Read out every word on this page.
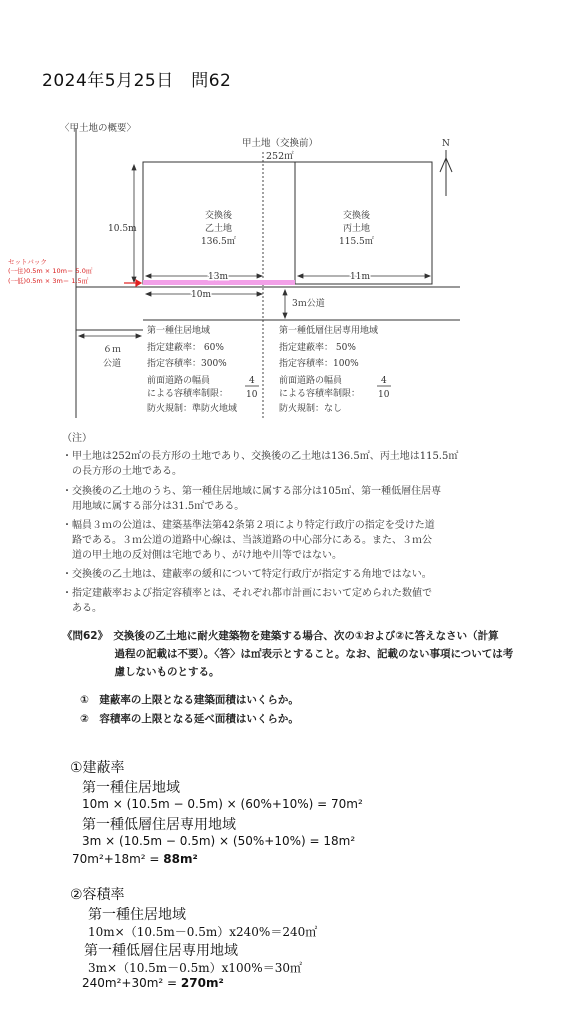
2024年5月25日　問62
〈甲土地の概要〉
甲土地（交換前）
252㎡
N
交換後
乙土地
136.5㎡
交換後
丙土地
115.5㎡
10.5m
13m	11m
10m
3ｍ公道
６ｍ
公道
セットバック
(一住)0.5m × 10m＝ 5.0㎡
(一低)0.5m × 3m＝ 1.5㎡
第一種住居地域
指定建蔽率： 60%
指定容積率：300%
前面道路の幅員
による容積率制限：
4
10
防火規制：準防火地域
第一種低層住居専用地域
指定建蔽率： 50%
指定容積率：100%
前面道路の幅員
による容積率制限：
4
10
防火規制：なし
（注）
・甲土地は252㎡の長方形の土地であり、交換後の乙土地は136.5㎡、丙土地は115.5㎡
　の長方形の土地である。
・交換後の乙土地のうち、第一種住居地域に属する部分は105㎡、第一種低層住居専
　用地域に属する部分は31.5㎡である。
・幅員３ｍの公道は、建築基準法第42条第２項により特定行政庁の指定を受けた道
　路である。３ｍ公道の道路中心線は、当該道路の中心部分にある。また、３ｍ公
　道の甲土地の反対側は宅地であり、がけ地や川等ではない。
・交換後の乙土地は、建蔽率の緩和について特定行政庁が指定する角地ではない。
・指定建蔽率および指定容積率とは、それぞれ都市計画において定められた数値で
　ある。
《問62》　交換後の乙土地に耐火建築物を建築する場合、次の①および②に答えなさい（計算
　　　　　過程の記載は不要）。〈答〉は㎡表示とすること。なお、記載のない事項については考
　　　　　慮しないものとする。
①　建蔽率の上限となる建築面積はいくらか。
②　容積率の上限となる延べ面積はいくらか。
①建蔽率
第一種住居地域
10m × (10.5m − 0.5m) × (60%+10%) = 70m²
第一種低層住居専用地域
3m × (10.5m − 0.5m) × (50%+10%) = 18m²
70m²+18m² = 88m²
②容積率
第一種住居地域
10m×（10.5m－0.5m）x240%＝240㎡
第一種低層住居専用地域
3m×（10.5m－0.5m）x100%＝30㎡
240m²+30m² = 270m²
